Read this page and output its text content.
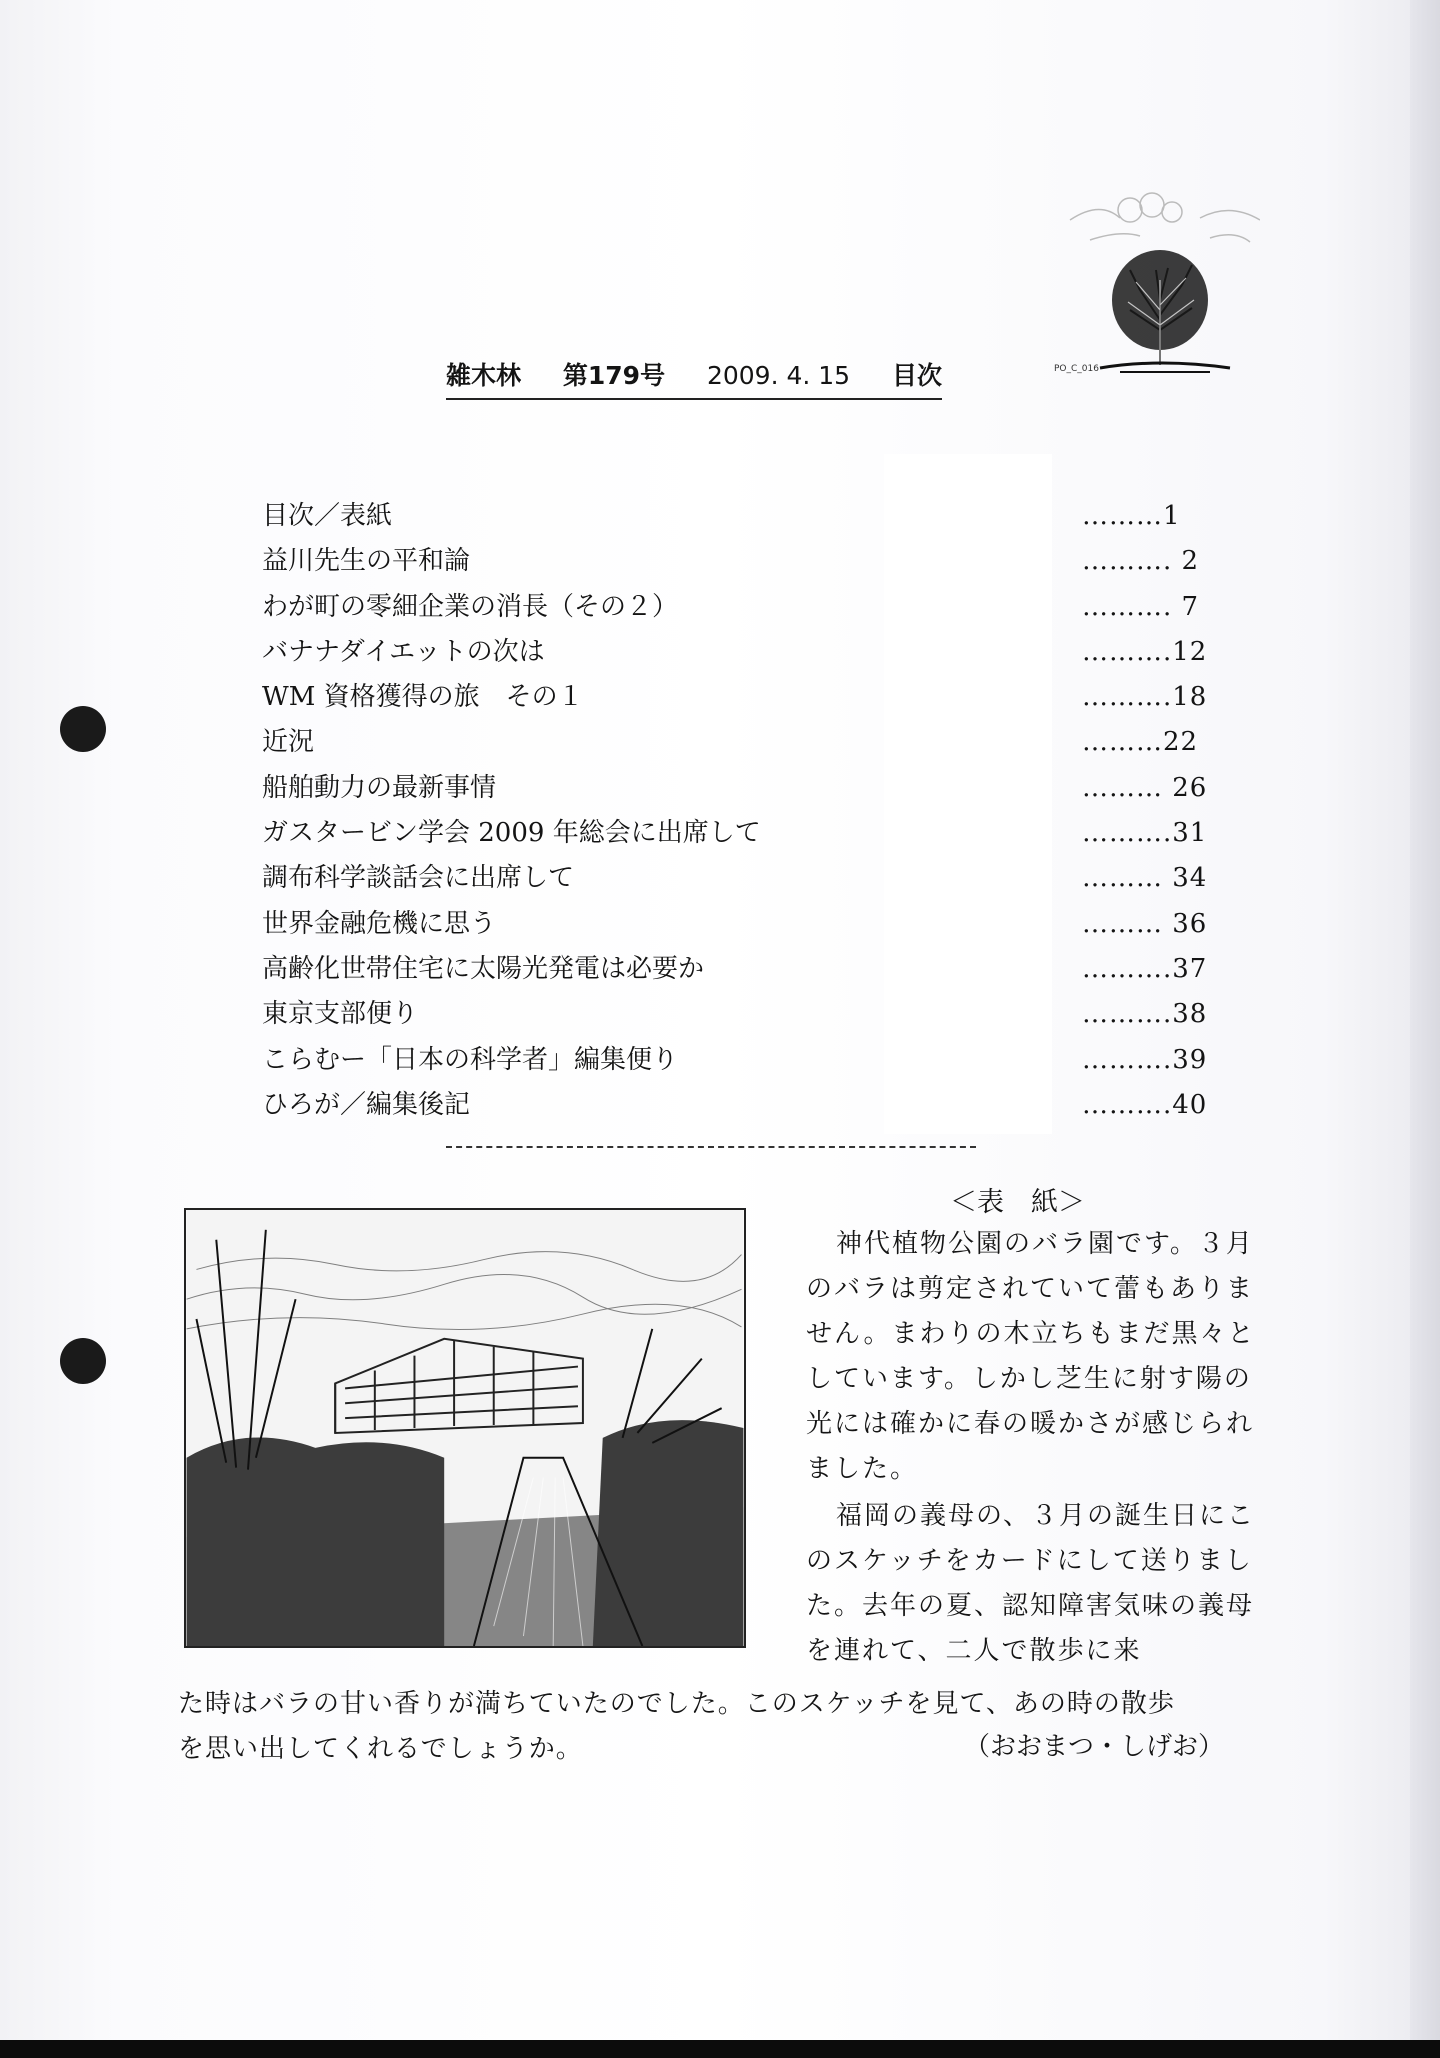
PO_C_016
雑木林 第179号 2009. 4. 15 目次
目次／表紙	………1
益川先生の平和論	………. 2
わが町の零細企業の消長（その２）	………. 7
バナナダイエットの次は	……….12
WM 資格獲得の旅　その１	……….18
近況	………22
船舶動力の最新事情	……… 26
ガスタービン学会 2009 年総会に出席して	……….31
調布科学談話会に出席して	……… 34
世界金融危機に思う	……… 36
高齢化世帯住宅に太陽光発電は必要か	……….37
東京支部便り	……….38
こらむー「日本の科学者」編集便り	……….39
ひろが／編集後記	……….40
＜表　紙＞

神代植物公園のバラ園です。３月のバラは剪定されていて蕾もありません。まわりの木立ちもまだ黒々としています。しかし芝生に射す陽の光には確かに春の暖かさが感じられました。

福岡の義母の、３月の誕生日にこのスケッチをカードにして送りました。去年の夏、認知障害気味の義母を連れて、二人で散歩に来

た時はバラの甘い香りが満ちていたのでした。このスケッチを見て、あの時の散歩
を思い出してくれるでしょうか。	（おおまつ・しげお）
